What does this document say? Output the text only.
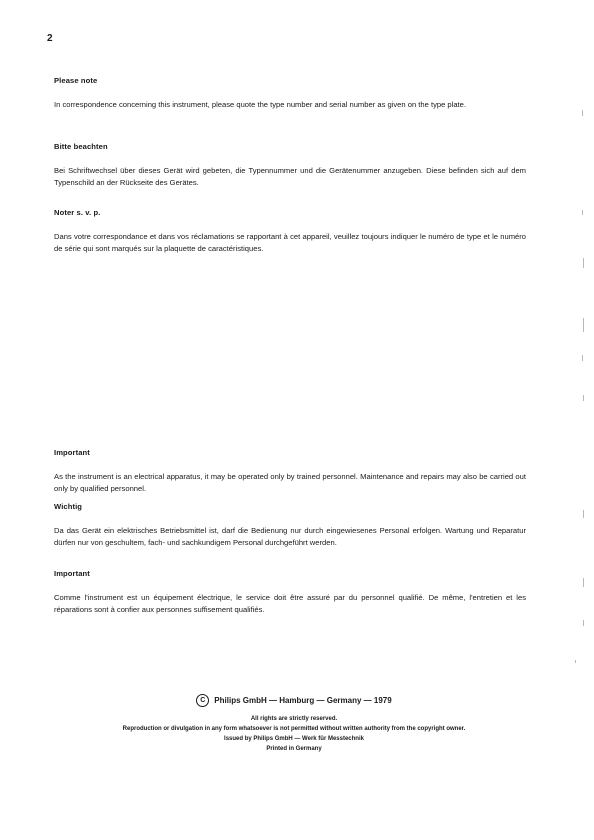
2

Please note

In correspondence concerning this instrument, please quote the type number and serial number as given on the type plate.

Bitte beachten

Bei Schriftwechsel über dieses Gerät wird gebeten, die Typennummer und die Gerätenummer anzugeben. Diese befinden sich auf dem Typenschild an der Rückseite des Gerätes.

Noter s. v. p.

Dans votre correspondance et dans vos réclamations se rapportant à cet appareil, veuillez toujours indiquer le numéro de type et le numéro de série qui sont marqués sur la plaquette de caractéristiques.

Important

As the instrument is an electrical apparatus, it may be operated only by trained personnel. Maintenance and repairs may also be carried out only by qualified personnel.

Wichtig

Da das Gerät ein elektrisches Betriebsmittel ist, darf die Bedienung nur durch eingewiesenes Personal erfolgen. Wartung und Reparatur dürfen nur von geschultem, fach- und sachkundigem Personal durchgeführt werden.

Important

Comme l'instrument est un équipement électrique, le service doit être assuré par du personnel qualifié. De même, l'entretien et les réparations sont à confier aux personnes suffisement qualifiés.

C	Philips GmbH — Hamburg — Germany — 1979
All rights are strictly reserved.
Reproduction or divulgation in any form whatsoever is not permitted without written authority from the copyright owner.
Issued by Philips GmbH — Werk für Messtechnik
Printed in Germany
